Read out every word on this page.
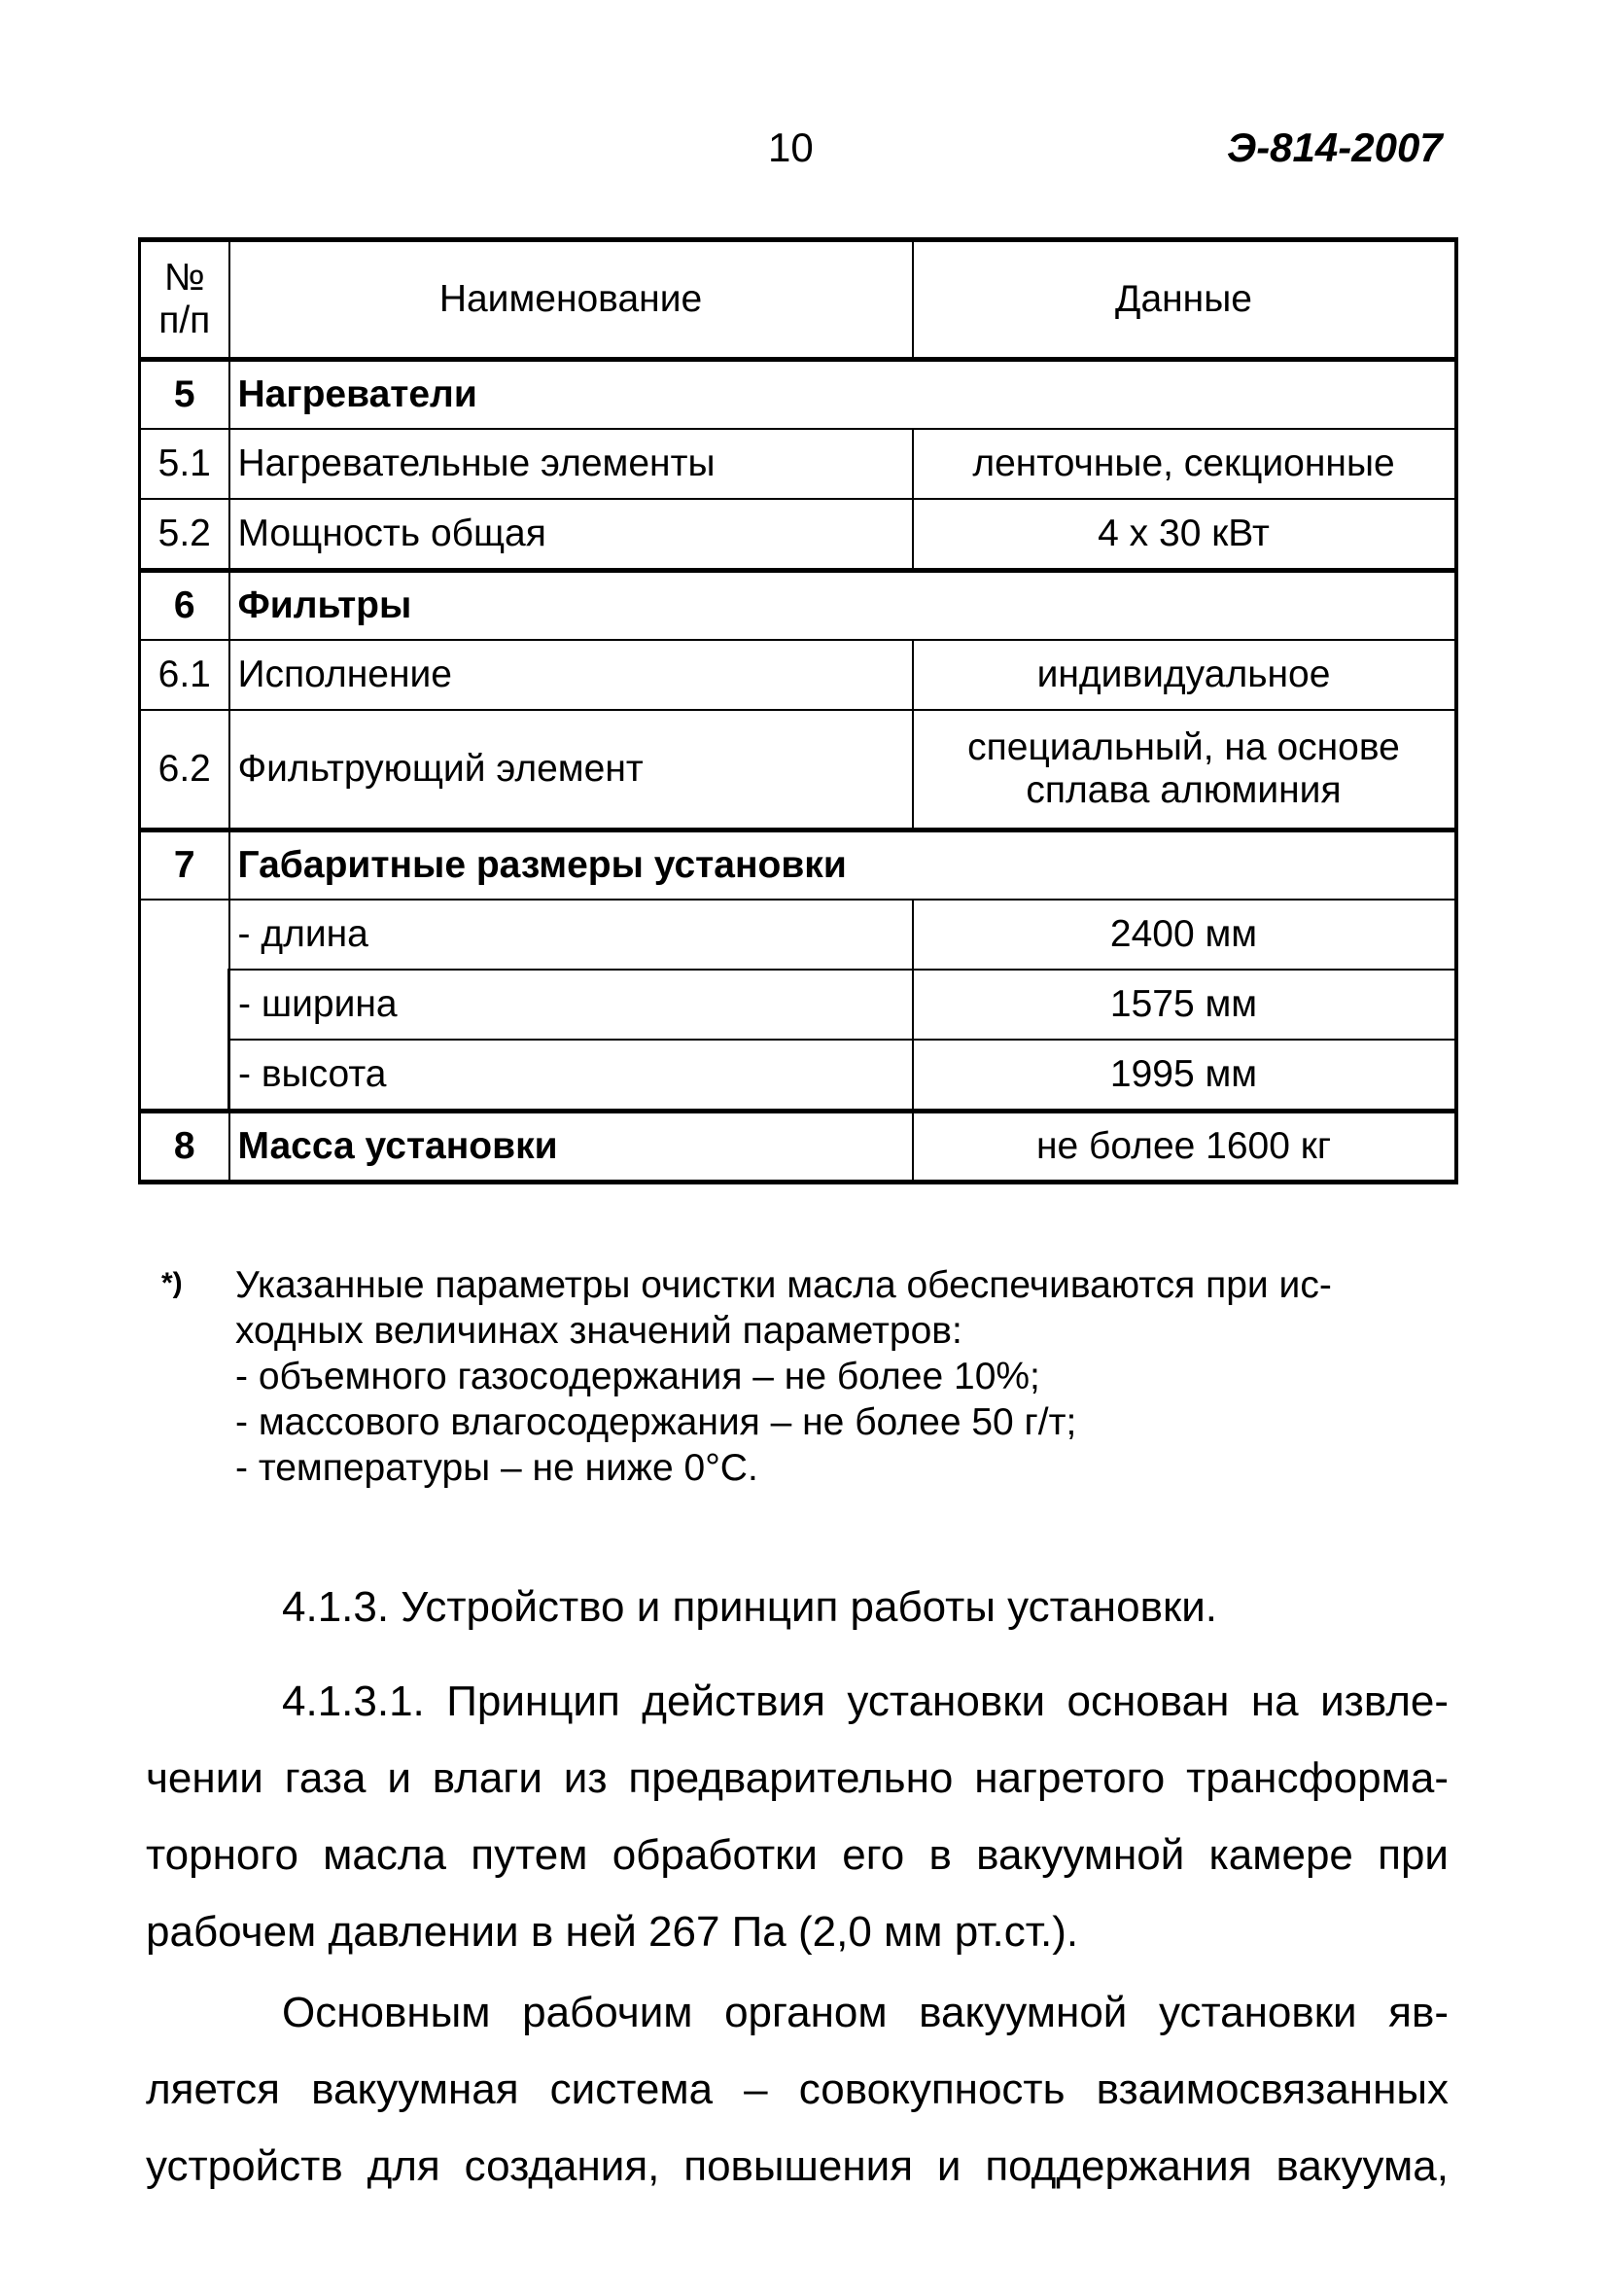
10	Э-814-2007
№
п/п	Наименование	Данные
5	Нагреватели	
5.1	Нагревательные элементы	ленточные, секционные
5.2	Мощность общая	4 х 30 кВт
6	Фильтры	
6.1	Исполнение	индивидуальное
6.2	Фильтрующий элемент	специальный, на основе
сплава алюминия

7	Габаритные размеры установки	
	- длина	2400 мм
	- ширина	1575 мм
	- высота	1995 мм
8	Масса установки	не более 1600 кг
*) Указанные параметры очистки масла обеспечиваются при ис-
ходных величинах значений параметров:
- объемного газосодержания – не более 10%;
- массового влагосодержания – не более 50 г/т;
- температуры – не ниже 0°С.
4.1.3. Устройство и принцип работы установки.
4.1.3.1. Принцип действия установки основан на извле-
чении газа и влаги из предварительно нагретого трансформа-
торного масла путем обработки его в вакуумной камере при
рабочем давлении в ней 267 Па (2,0 мм рт.ст.).
Основным рабочим органом вакуумной установки яв-
ляется вакуумная система – совокупность взаимосвязанных
устройств для создания, повышения и поддержания вакуума,
